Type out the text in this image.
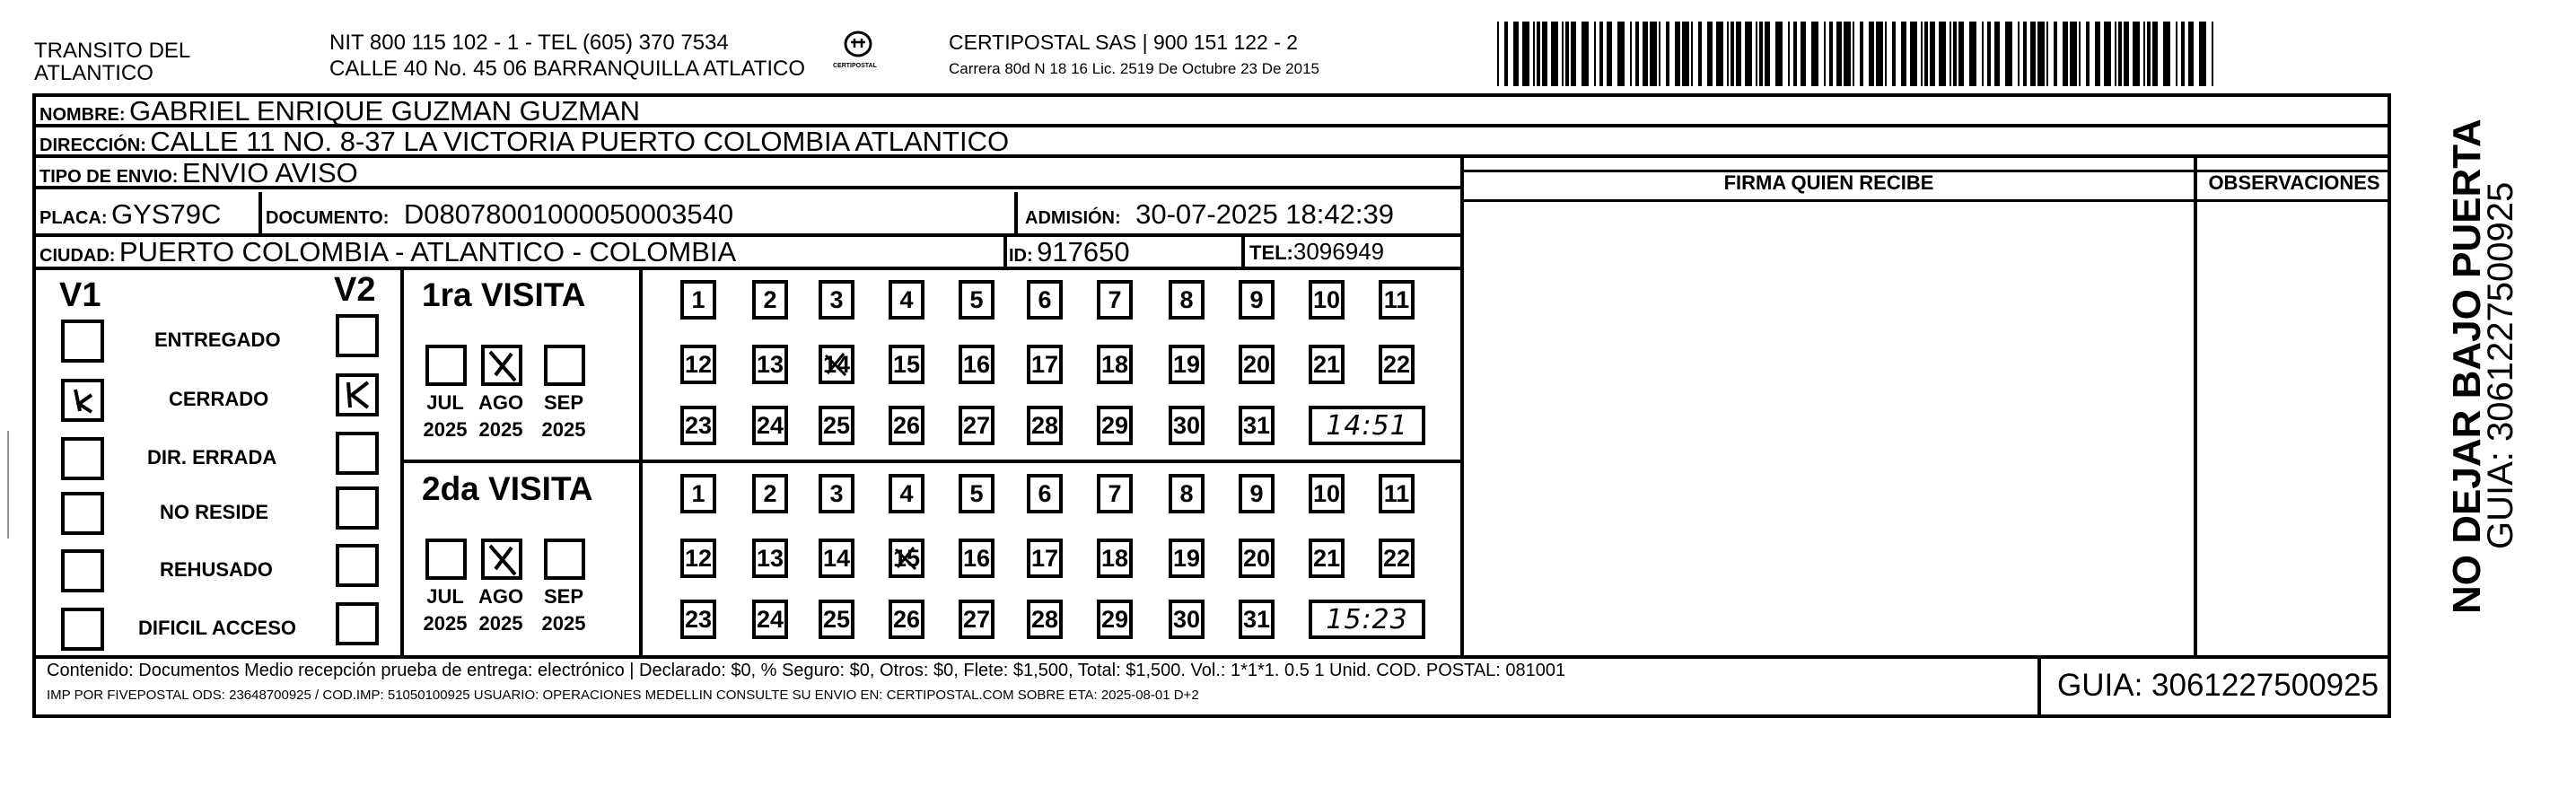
TRANSITO DEL
ATLANTICO
NIT 800 115 102 - 1 - TEL (605) 370 7534
CALLE 40 No. 45 06 BARRANQUILLA ATLATICO	CERTIPOSTAL
CERTIPOSTAL SAS | 900 151 122 - 2
Carrera 80d N 18 16 Lic. 2519 De Octubre 23 De 2015
NOMBRE: GABRIEL ENRIQUE GUZMAN GUZMAN
DIRECCIÓN: CALLE 11 NO. 8-37 LA VICTORIA PUERTO COLOMBIA ATLANTICO
TIPO DE ENVIO: ENVIO AVISO	FIRMA QUIEN RECIBE	OBSERVACIONES
PLACA: GYS79C DOCUMENTO: D08078001000050003540	ADMISIÓN: 30-07-2025 18:42:39
CIUDAD: PUERTO COLOMBIA - ATLANTICO - COLOMBIA	ID: 917650	TEL:3096949
V1	V2
ENTREGADO
CERRADO
DIR. ERRADA
NO RESIDE
REHUSADO
DIFICIL ACCESO
1ra VISITA
JUL
2025
AGO
2025
SEP
2025
1	2	3	4	5	6	7	8	9	10 11
12 13 14 15 16 17 18 19 20 21 22
23 24 25 26 27 28 29 30 31	14:51
2da VISITA
JUL
2025
AGO
2025
SEP
2025
1	2	3	4	5	6	7	8	9	10 11
12 13 14 15 16 17 18 19 20 21 22
23 24 25 26 27 28 29 30 31	15:23
Contenido: Documentos Medio recepción prueba de entrega: electrónico | Declarado: $0, % Seguro: $0, Otros: $0, Flete: $1,500, Total: $1,500. Vol.: 1*1*1. 0.5 1 Unid. COD. POSTAL: 081001
IMP POR FIVEPOSTAL ODS: 23648700925 / COD.IMP: 51050100925 USUARIO: OPERACIONES MEDELLIN CONSULTE SU ENVIO EN: CERTIPOSTAL.COM SOBRE ETA: 2025-08-01 D+2	GUIA: 3061227500925
NO DEJAR BAJO PUERTA
GUIA: 3061227500925
